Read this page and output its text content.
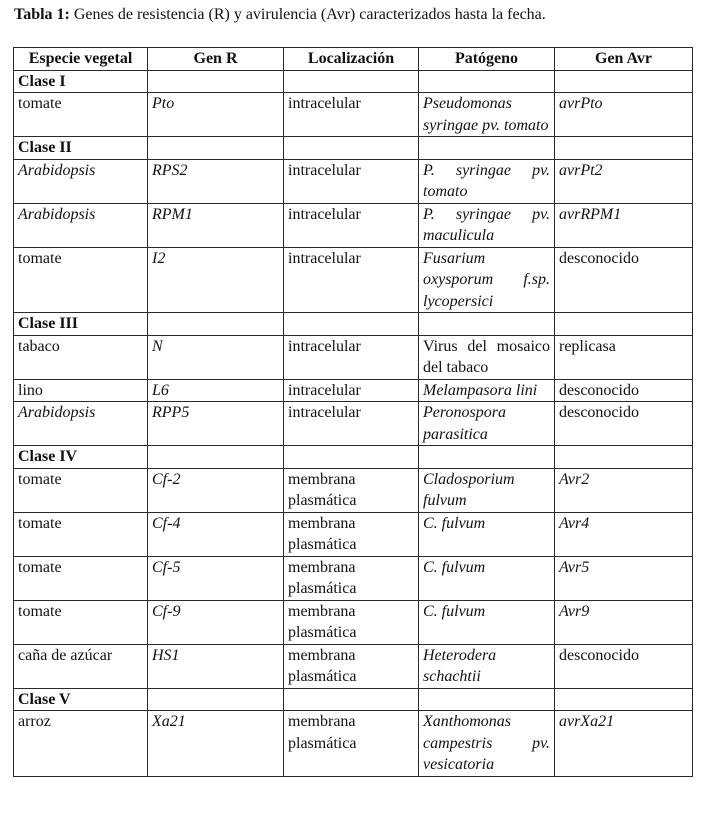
Tabla 1: Genes de resistencia (R) y avirulencia (Avr) caracterizados hasta la fecha.
Especie vegetal	Gen R	Localización	Patógeno	Gen Avr
Clase I				
tomate	Pto	intracelular	Pseudomonas syringae pv. tomato	avrPto
Clase II				
Arabidopsis	RPS2	intracelular	P. syringae pv. tomato	avrPt2
Arabidopsis	RPM1	intracelular	P. syringae pv. maculicula	avrRPM1
tomate	I2	intracelular	Fusarium oxysporum f.sp. lycopersici	desconocido
Clase III				
tabaco	N	intracelular	Virus del mosaico del tabaco	replicasa
lino	L6	intracelular	Melampasora lini	desconocido
Arabidopsis	RPP5	intracelular	Peronospora parasitica	desconocido
Clase IV				
tomate	Cf-2	membrana plasmática	Cladosporium fulvum	Avr2
tomate	Cf-4	membrana plasmática	C. fulvum	Avr4
tomate	Cf-5	membrana plasmática	C. fulvum	Avr5
tomate	Cf-9	membrana plasmática	C. fulvum	Avr9
caña de azúcar	HS1	membrana plasmática	Heterodera schachtii	desconocido
Clase V				
arroz	Xa21	membrana plasmática	Xanthomonas campestris pv. vesicatoria	avrXa21
